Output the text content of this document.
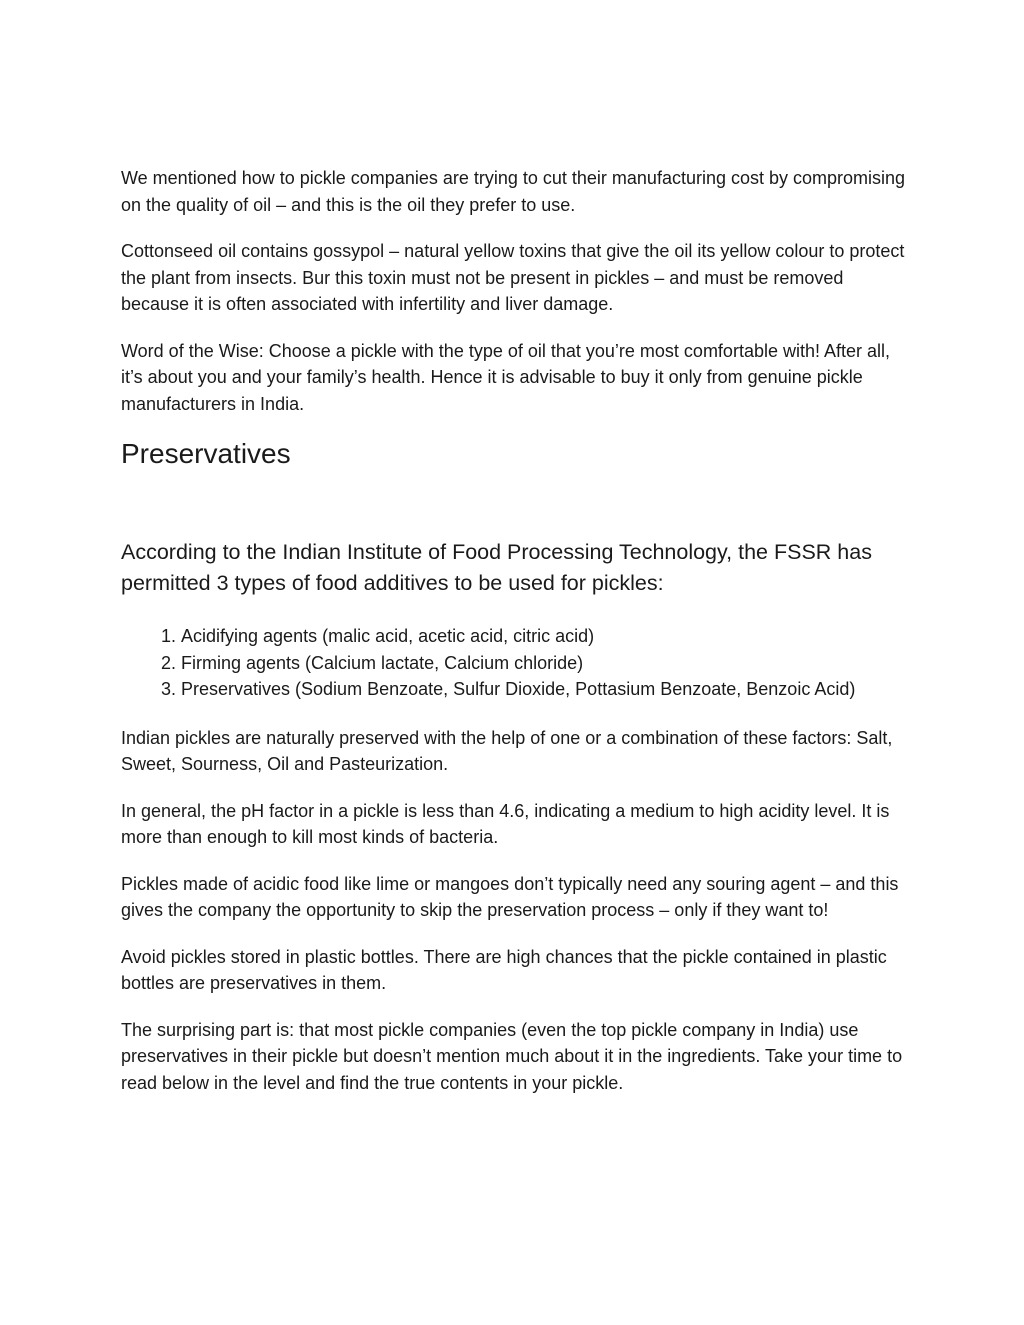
We mentioned how to pickle companies are trying to cut their manufacturing cost by compromising on the quality of oil – and this is the oil they prefer to use.

Cottonseed oil contains gossypol – natural yellow toxins that give the oil its yellow colour to protect the plant from insects. Bur this toxin must not be present in pickles – and must be removed because it is often associated with infertility and liver damage.

Word of the Wise: Choose a pickle with the type of oil that you’re most comfortable with! After all, it’s about you and your family’s health. Hence it is advisable to buy it only from genuine pickle manufacturers in India.

Preservatives

According to the Indian Institute of Food Processing Technology, the FSSR has permitted 3 types of food additives to be used for pickles:

1. Acidifying agents (malic acid, acetic acid, citric acid)
2. Firming agents (Calcium lactate, Calcium chloride)
3. Preservatives (Sodium Benzoate, Sulfur Dioxide, Pottasium Benzoate, Benzoic Acid)

Indian pickles are naturally preserved with the help of one or a combination of these factors: Salt, Sweet, Sourness, Oil and Pasteurization.

In general, the pH factor in a pickle is less than 4.6, indicating a medium to high acidity level. It is more than enough to kill most kinds of bacteria.

Pickles made of acidic food like lime or mangoes don’t typically need any souring agent – and this gives the company the opportunity to skip the preservation process – only if they want to!

Avoid pickles stored in plastic bottles. There are high chances that the pickle contained in plastic bottles are preservatives in them.

The surprising part is: that most pickle companies (even the top pickle company in India) use preservatives in their pickle but doesn’t mention much about it in the ingredients. Take your time to read below in the level and find the true contents in your pickle.
